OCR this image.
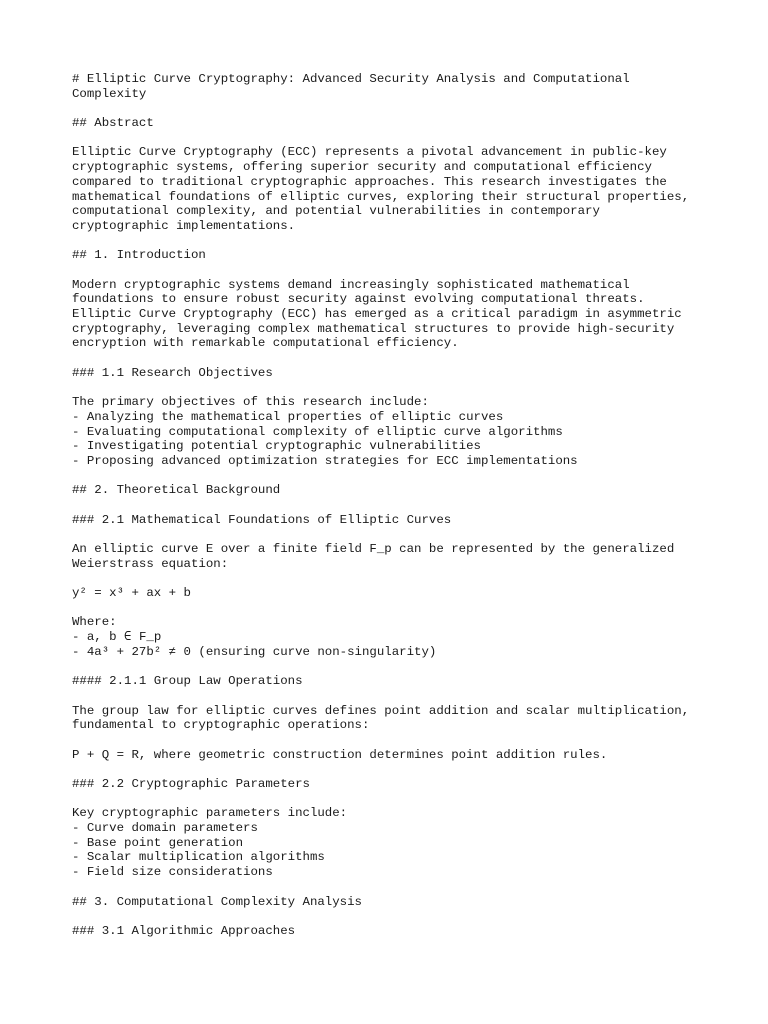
# Elliptic Curve Cryptography: Advanced Security Analysis and Computational
Complexity
## Abstract
Elliptic Curve Cryptography (ECC) represents a pivotal advancement in public-key
cryptographic systems, offering superior security and computational efficiency
compared to traditional cryptographic approaches. This research investigates the
mathematical foundations of elliptic curves, exploring their structural properties,
computational complexity, and potential vulnerabilities in contemporary
cryptographic implementations.
## 1. Introduction
Modern cryptographic systems demand increasingly sophisticated mathematical
foundations to ensure robust security against evolving computational threats.
Elliptic Curve Cryptography (ECC) has emerged as a critical paradigm in asymmetric
cryptography, leveraging complex mathematical structures to provide high-security
encryption with remarkable computational efficiency.
### 1.1 Research Objectives
The primary objectives of this research include:
- Analyzing the mathematical properties of elliptic curves
- Evaluating computational complexity of elliptic curve algorithms
- Investigating potential cryptographic vulnerabilities
- Proposing advanced optimization strategies for ECC implementations
## 2. Theoretical Background
### 2.1 Mathematical Foundations of Elliptic Curves
An elliptic curve E over a finite field F_p can be represented by the generalized
Weierstrass equation:
y² = x³ + ax + b
Where:
- a, b ∈ F_p
- 4a³ + 27b² ≠ 0 (ensuring curve non-singularity)
#### 2.1.1 Group Law Operations
The group law for elliptic curves defines point addition and scalar multiplication,
fundamental to cryptographic operations:
P + Q = R, where geometric construction determines point addition rules.
### 2.2 Cryptographic Parameters
Key cryptographic parameters include:
- Curve domain parameters
- Base point generation
- Scalar multiplication algorithms
- Field size considerations
## 3. Computational Complexity Analysis
### 3.1 Algorithmic Approaches
